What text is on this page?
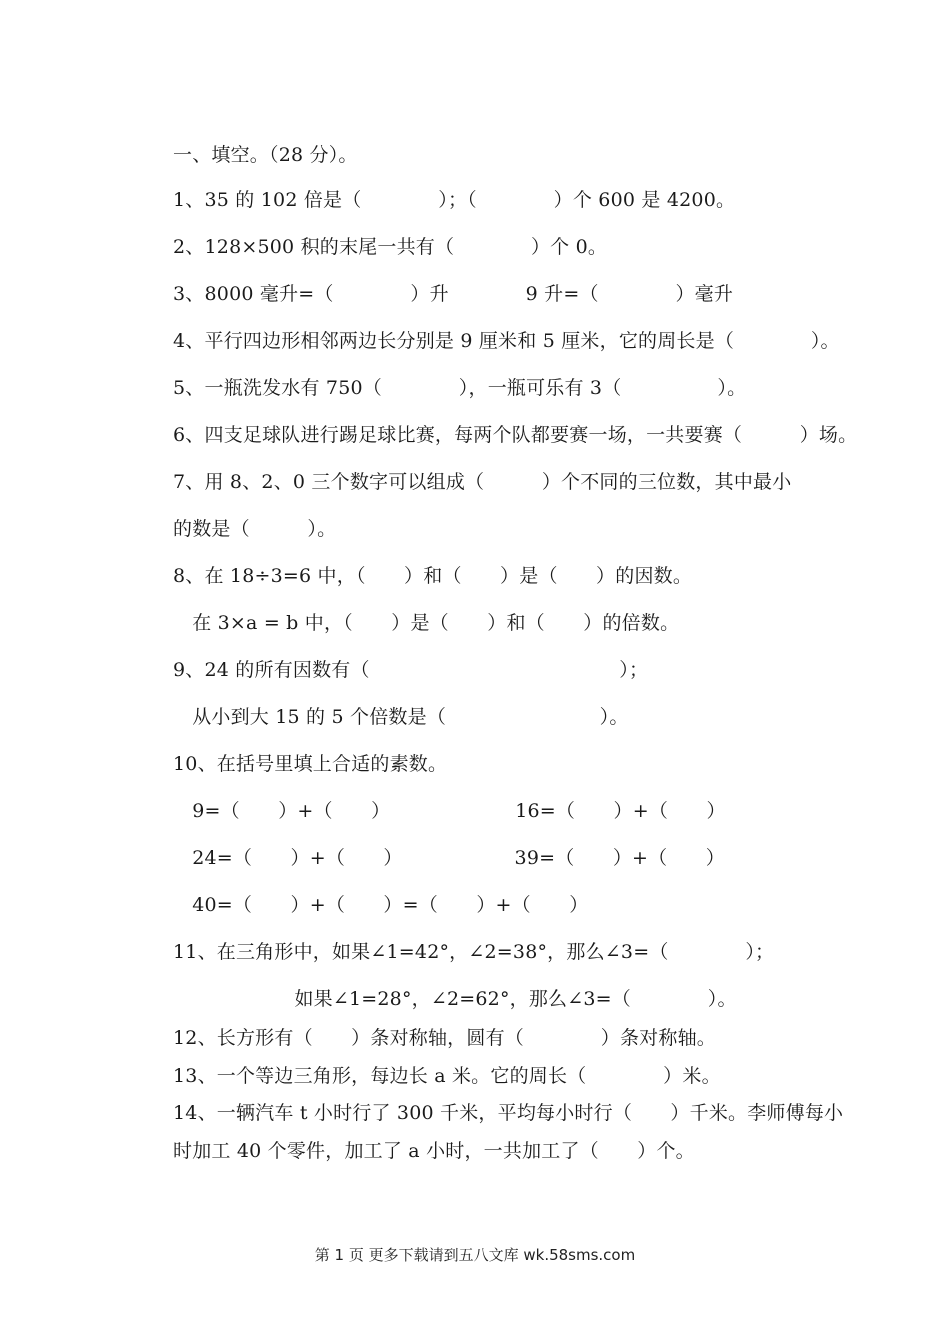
一、填空。（28 分）。
1、35 的 102 倍是（　　　　）；（　　　　）个 600 是 4200。
2、128×500 积的末尾一共有（　　　　）个 0。
3、8000 毫升=（　　　　）升　　　　9 升=（　　　　）毫升
4、平行四边形相邻两边长分别是 9 厘米和 5 厘米，它的周长是（　　　　）。
5、一瓶洗发水有 750（　　　　），一瓶可乐有 3（　　　　　）。
6、四支足球队进行踢足球比赛，每两个队都要赛一场，一共要赛（　　　）场。
7、用 8、2、0 三个数字可以组成（　　　）个不同的三位数，其中最小
的数是（　　　）。
8、在 18÷3=6 中，（　　）和（　　）是（　　）的因数。
　在 3×a = b 中，（　　）是（　　）和（　　）的倍数。
9、24 的所有因数有（　　　　　　　　　　　　　）；
　从小到大 15 的 5 个倍数是（　　　　　　　　）。
10、在括号里填上合适的素数。
　9=（　　）+（　　）　　　　　　　16=（　　）+（　　）
　24=（　　）+（　　）　　　　　　 39=（　　）+（　　）
　40=（　　）+（　　）=（　　）+（　　）
11、在三角形中，如果∠1=42°，∠2=38°，那么∠3=（　　　　）；
　　　　　　 如果∠1=28°，∠2=62°，那么∠3=（　　　　）。
12、长方形有（　　）条对称轴，圆有（　　　　）条对称轴。
13、一个等边三角形，每边长 a 米。它的周长（　　　　）米。
14、一辆汽车 t 小时行了 300 千米，平均每小时行（　　）千米。李师傅每小
时加工 40 个零件，加工了 a 小时，一共加工了（　　）个。
第 1 页 更多下载请到五八文库 wk.58sms.com
